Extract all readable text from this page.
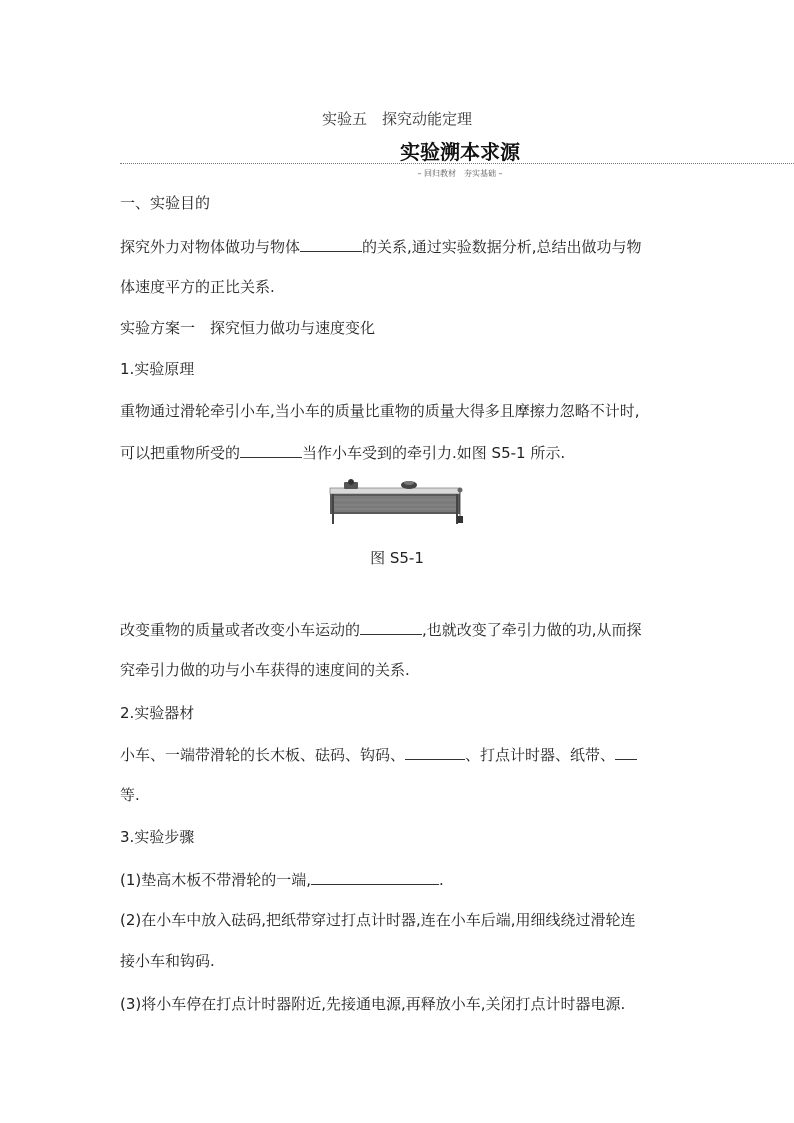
实验五　探究动能定理
实验溯本求源
– 回归教材　夯实基础 –
一、实验目的
探究外力对物体做功与物体	的关系,通过实验数据分析,总结出做功与物
体速度平方的正比关系.
实验方案一　探究恒力做功与速度变化
1.实验原理
重物通过滑轮牵引小车,当小车的质量比重物的质量大得多且摩擦力忽略不计时,
可以把重物所受的	当作小车受到的牵引力.如图 S5-1 所示.
图 S5-1
改变重物的质量或者改变小车运动的	,也就改变了牵引力做的功,从而探
究牵引力做的功与小车获得的速度间的关系.
2.实验器材
小车、一端带滑轮的长木板、砝码、钩码、	、打点计时器、纸带、
等.
3.实验步骤
(1)垫高木板不带滑轮的一端,	.
(2)在小车中放入砝码,把纸带穿过打点计时器,连在小车后端,用细线绕过滑轮连
接小车和钩码.
(3)将小车停在打点计时器附近,先接通电源,再释放小车,关闭打点计时器电源.
